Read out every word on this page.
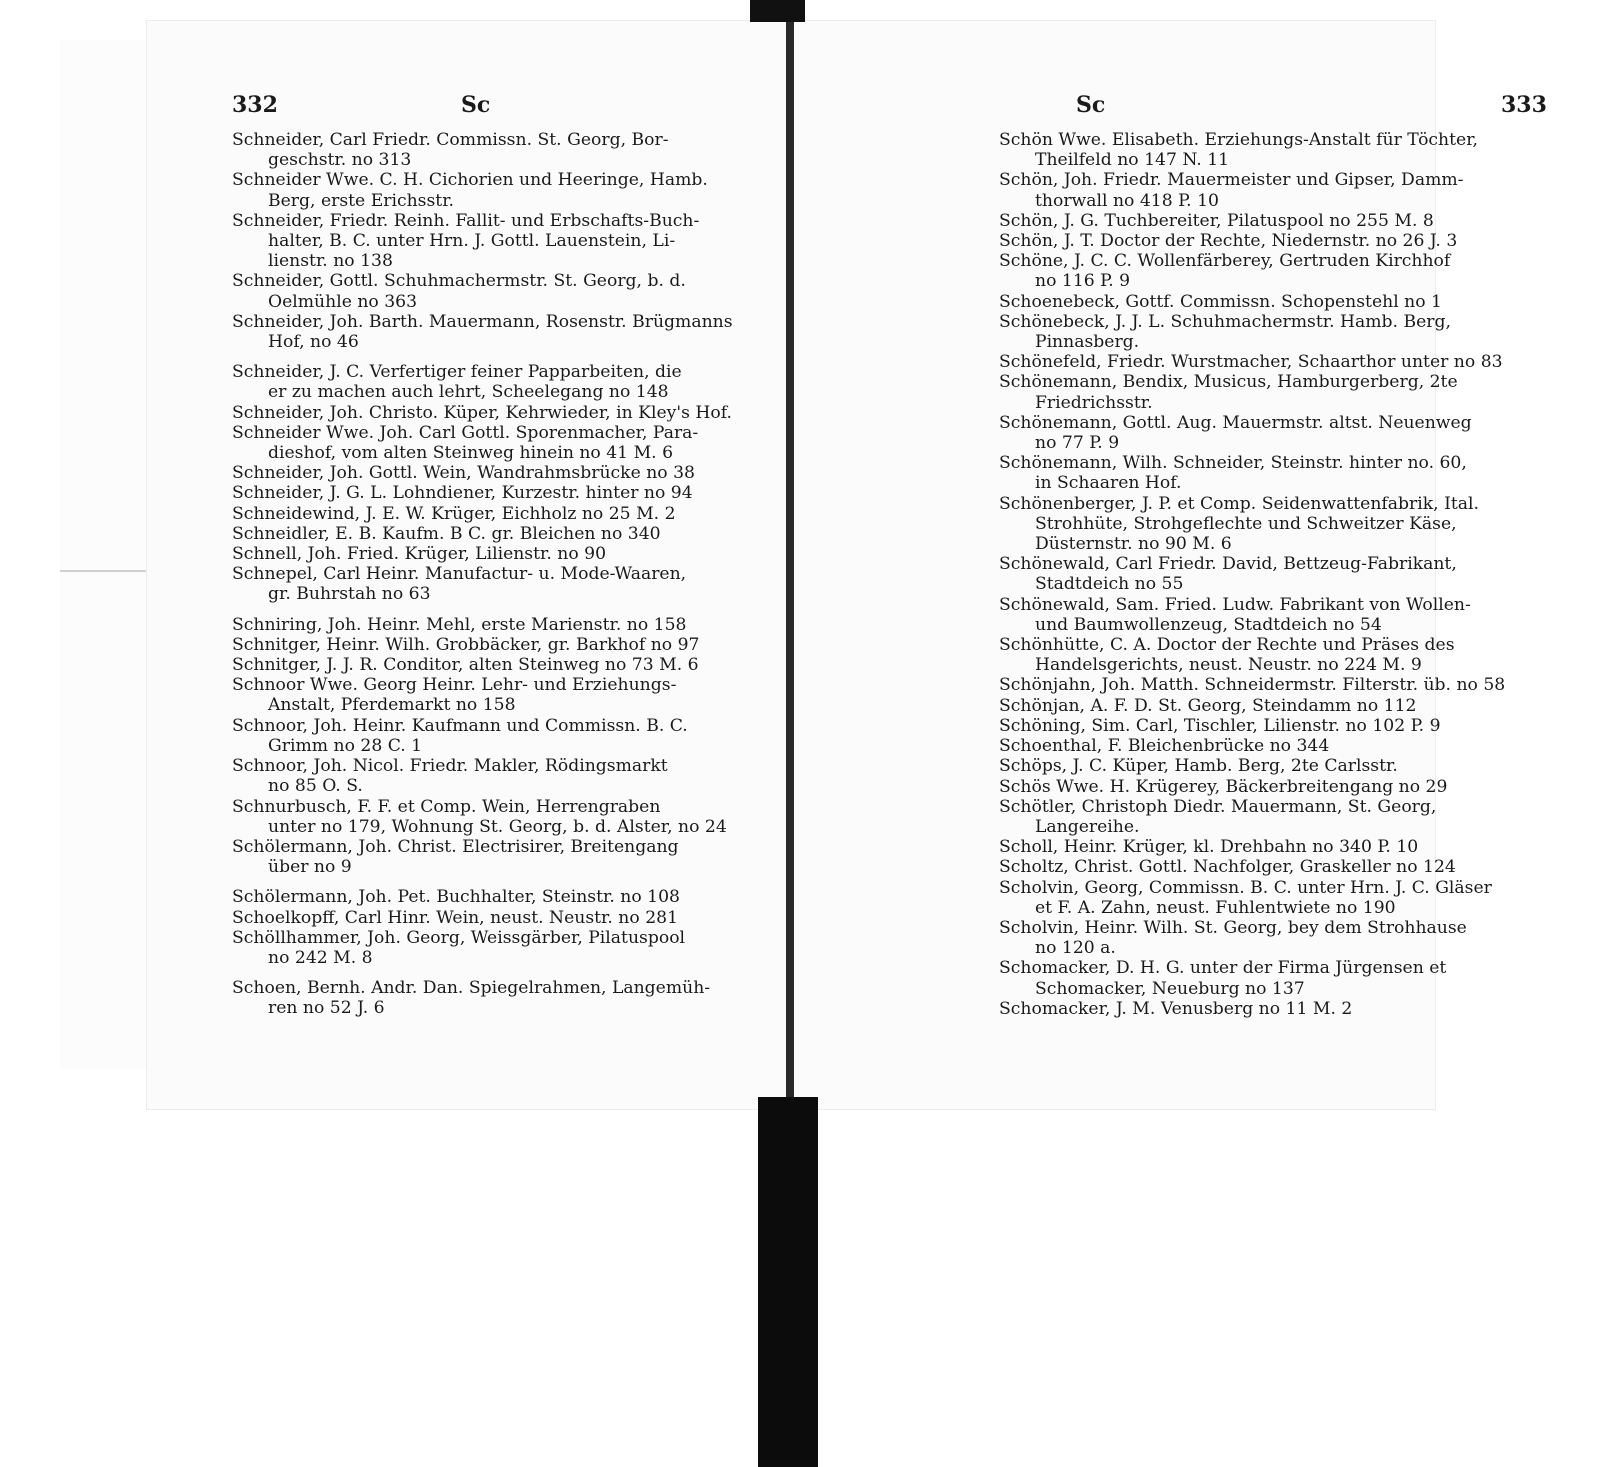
332	Sc
Schneider, Carl Friedr. Commissn. St. Georg, Bor-
geschstr. no 313
Schneider Wwe. C. H. Cichorien und Heeringe, Hamb.
Berg, erste Erichsstr.
Schneider, Friedr. Reinh. Fallit- und Erbschafts-Buch-
halter, B. C. unter Hrn. J. Gottl. Lauenstein, Li-
lienstr. no 138
Schneider, Gottl. Schuhmachermstr. St. Georg, b. d.
Oelmühle no 363
Schneider, Joh. Barth. Mauermann, Rosenstr. Brügmanns
Hof, no 46
Schneider, J. C. Verfertiger feiner Papparbeiten, die
er zu machen auch lehrt, Scheelegang no 148
Schneider, Joh. Christo. Küper, Kehrwieder, in Kley's Hof.
Schneider Wwe. Joh. Carl Gottl. Sporenmacher, Para-
dieshof, vom alten Steinweg hinein no 41 M. 6
Schneider, Joh. Gottl. Wein, Wandrahmsbrücke no 38
Schneider, J. G. L. Lohndiener, Kurzestr. hinter no 94
Schneidewind, J. E. W. Krüger, Eichholz no 25 M. 2
Schneidler, E. B. Kaufm. B C. gr. Bleichen no 340
Schnell, Joh. Fried. Krüger, Lilienstr. no 90
Schnepel, Carl Heinr. Manufactur- u. Mode-Waaren,
gr. Buhrstah no 63
Schniring, Joh. Heinr. Mehl, erste Marienstr. no 158
Schnitger, Heinr. Wilh. Grobbäcker, gr. Barkhof no 97
Schnitger, J. J. R. Conditor, alten Steinweg no 73 M. 6
Schnoor Wwe. Georg Heinr. Lehr- und Erziehungs-
Anstalt, Pferdemarkt no 158
Schnoor, Joh. Heinr. Kaufmann und Commissn. B. C.
Grimm no 28 C. 1
Schnoor, Joh. Nicol. Friedr. Makler, Rödingsmarkt
no 85 O. S.
Schnurbusch, F. F. et Comp. Wein, Herrengraben
unter no 179, Wohnung St. Georg, b. d. Alster, no 24
Schölermann, Joh. Christ. Electrisirer, Breitengang
über no 9
Schölermann, Joh. Pet. Buchhalter, Steinstr. no 108
Schoelkopff, Carl Hinr. Wein, neust. Neustr. no 281
Schöllhammer, Joh. Georg, Weissgärber, Pilatuspool
no 242 M. 8
Schoen, Bernh. Andr. Dan. Spiegelrahmen, Langemüh-
ren no 52 J. 6
Sc	333
Schön Wwe. Elisabeth. Erziehungs-Anstalt für Töchter,
Theilfeld no 147 N. 11
Schön, Joh. Friedr. Mauermeister und Gipser, Damm-
thorwall no 418 P. 10
Schön, J. G. Tuchbereiter, Pilatuspool no 255 M. 8
Schön, J. T. Doctor der Rechte, Niedernstr. no 26 J. 3
Schöne, J. C. C. Wollenfärberey, Gertruden Kirchhof
no 116 P. 9
Schoenebeck, Gottf. Commissn. Schopenstehl no 1
Schönebeck, J. J. L. Schuhmachermstr. Hamb. Berg,
Pinnasberg.
Schönefeld, Friedr. Wurstmacher, Schaarthor unter no 83
Schönemann, Bendix, Musicus, Hamburgerberg, 2te
Friedrichsstr.
Schönemann, Gottl. Aug. Mauermstr. altst. Neuenweg
no 77 P. 9
Schönemann, Wilh. Schneider, Steinstr. hinter no. 60,
in Schaaren Hof.
Schönenberger, J. P. et Comp. Seidenwattenfabrik, Ital.
Strohhüte, Strohgeflechte und Schweitzer Käse,
Düsternstr. no 90 M. 6
Schönewald, Carl Friedr. David, Bettzeug-Fabrikant,
Stadtdeich no 55
Schönewald, Sam. Fried. Ludw. Fabrikant von Wollen-
und Baumwollenzeug, Stadtdeich no 54
Schönhütte, C. A. Doctor der Rechte und Präses des
Handelsgerichts, neust. Neustr. no 224 M. 9
Schönjahn, Joh. Matth. Schneidermstr. Filterstr. üb. no 58
Schönjan, A. F. D. St. Georg, Steindamm no 112
Schöning, Sim. Carl, Tischler, Lilienstr. no 102 P. 9
Schoenthal, F. Bleichenbrücke no 344
Schöps, J. C. Küper, Hamb. Berg, 2te Carlsstr.
Schös Wwe. H. Krügerey, Bäckerbreitengang no 29
Schötler, Christoph Diedr. Mauermann, St. Georg,
Langereihe.
Scholl, Heinr. Krüger, kl. Drehbahn no 340 P. 10
Scholtz, Christ. Gottl. Nachfolger, Graskeller no 124
Scholvin, Georg, Commissn. B. C. unter Hrn. J. C. Gläser
et F. A. Zahn, neust. Fuhlentwiete no 190
Scholvin, Heinr. Wilh. St. Georg, bey dem Strohhause
no 120 a.
Schomacker, D. H. G. unter der Firma Jürgensen et
Schomacker, Neueburg no 137
Schomacker, J. M. Venusberg no 11 M. 2
